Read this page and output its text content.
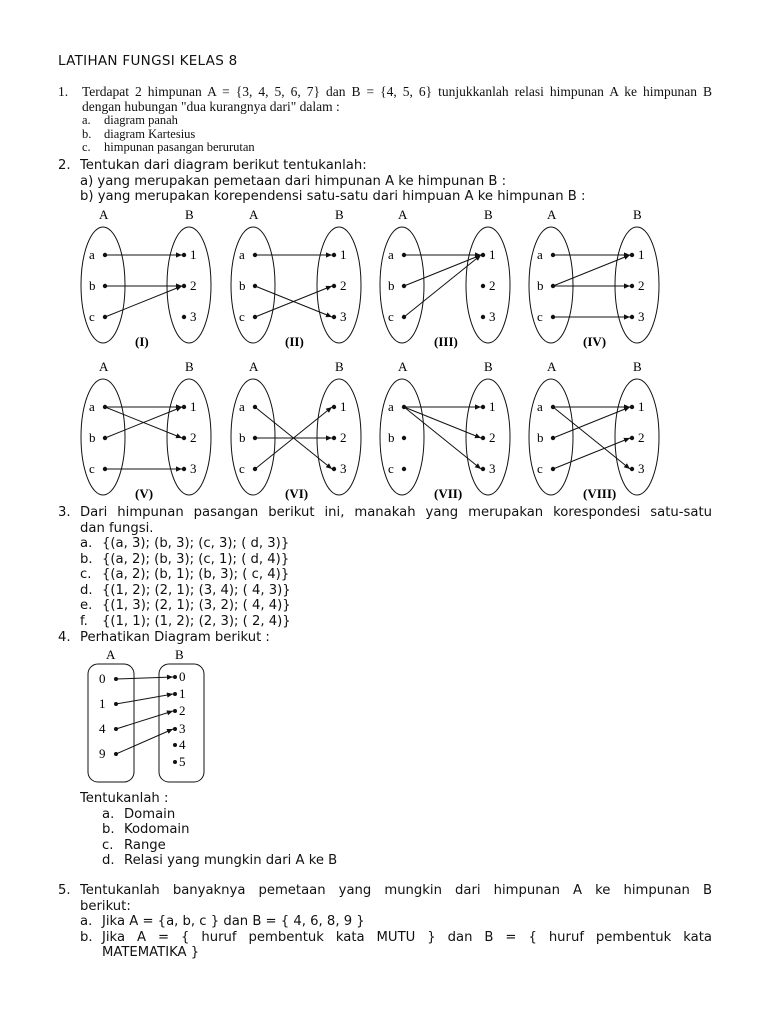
LATIHAN FUNGSI KELAS 8
1. Terdapat 2 himpunan A = {3, 4, 5, 6, 7} dan B = {4, 5, 6} tunjukkanlah relasi himpunan A ke himpunan B
dengan hubungan "dua kurangnya dari" dalam :
a. diagram panah
b. diagram Kartesius
c. himpunan pasangan berurutan
2. Tentukan dari diagram berikut tentukanlah:
a) yang merupakan pemetaan dari himpunan A ke himpunan B :
b) yang merupakan korependensi satu-satu dari himpuan A ke himpunan B :
A	B
a
b
c
1
2
3
(I)
A	B
a
b
c
1
2
3
(II)
A	B
a
b
c
1
2
3
(III)
A	B
a
b
c
1
2
3
(IV)
A	B
a
b
c
1
2
3
(V)
A	B
a
b
c
1
2
3
(VI)
A	B
a
b
c
1
2
3
(VII)
A	B
a
b
c
1
2
3
(VIII)
3. Dari himpunan pasangan berikut ini, manakah yang merupakan korespondesi satu-satu
dan fungsi.
a. {(a, 3); (b, 3); (c, 3); ( d, 3)}
b. {(a, 2); (b, 3); (c, 1); ( d, 4)}
c. {(a, 2); (b, 1); (b, 3); ( c, 4)}
d. {(1, 2); (2, 1); (3, 4); ( 4, 3)}
e. {(1, 3); (2, 1); (3, 2); ( 4, 4)}
f. {(1, 1); (1, 2); (2, 3); ( 2, 4)}
4. Perhatikan Diagram berikut :
A	B
0
1
4
9
0
1
2
3
4
5
Tentukanlah :
a. Domain
b. Kodomain
c. Range
d. Relasi yang mungkin dari A ke B
5. Tentukanlah banyaknya pemetaan yang mungkin dari himpunan A ke himpunan B
berikut:
a. Jika A = {a, b, c } dan B = { 4, 6, 8, 9 }
b. Jika A = { huruf pembentuk kata MUTU } dan B = { huruf pembentuk kata
MATEMATIKA }
